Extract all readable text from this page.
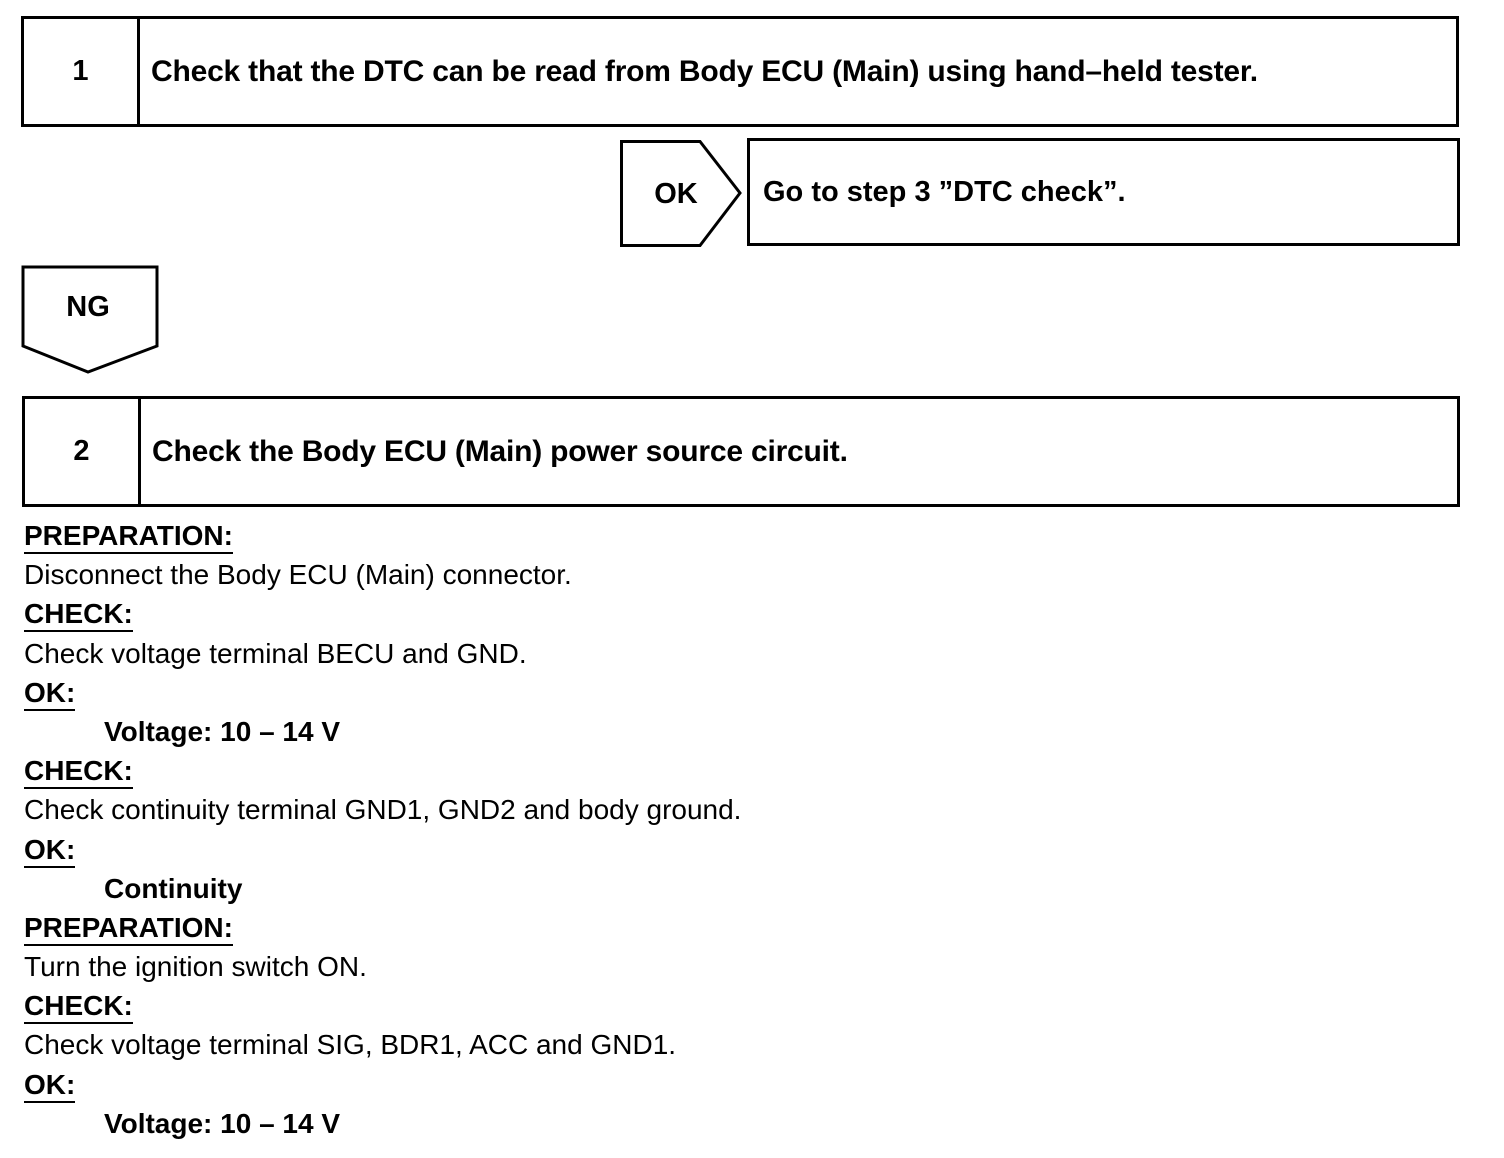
1	Check that the DTC can be read from Body ECU (Main) using hand–held tester.
OK Go to step 3 ”DTC check”.
NG
2	Check the Body ECU (Main) power source circuit.
PREPARATION:
Disconnect the Body ECU (Main) connector.
CHECK:
Check voltage terminal BECU and GND.
OK:
Voltage: 10 – 14 V
CHECK:
Check continuity terminal GND1, GND2 and body ground.
OK:
Continuity
PREPARATION:
Turn the ignition switch ON.
CHECK:
Check voltage terminal SIG, BDR1, ACC and GND1.
OK:
Voltage: 10 – 14 V
